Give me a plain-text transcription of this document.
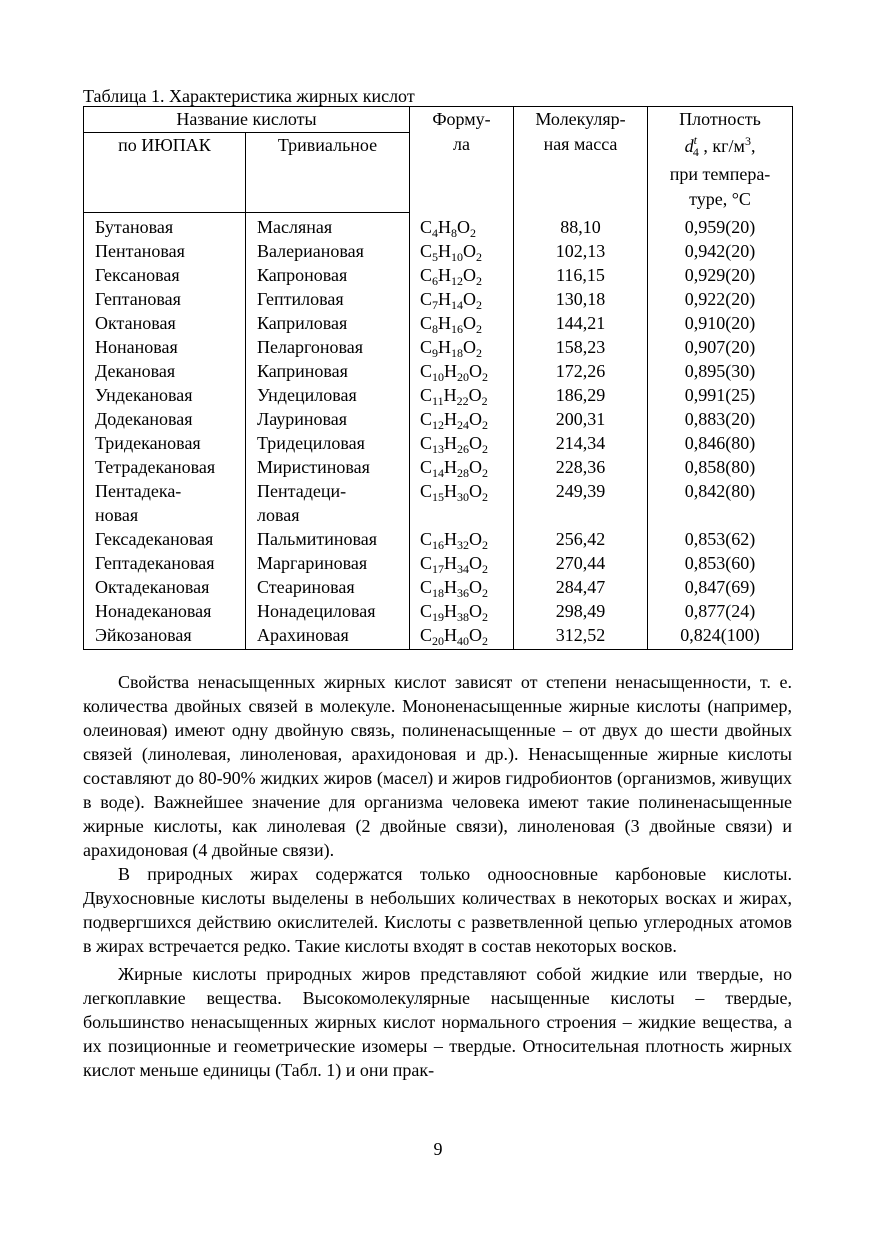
Таблица 1. Характеристика жирных кислот
Название кислоты		Форму-
ла	Молекуляр-
ная масса	Плотность
$d^t_4$ , $кг/м^3$,
при темпера-
туре, °С

по ИЮПАК	Тривиальное			

Бутановая	Масляная	$C_4H_8O_2$	88,10	0,959(20)

Пентановая	Валериановая	$C_5H_{10}O_2$	102,13	0,942(20)

Гексановая	Капроновая	$C_6H_{12}O_2$	116,15	0,929(20)

Гептановая	Гептиловая	$C_7H_{14}O_2$	130,18	0,922(20)

Октановая	Каприловая	$C_8H_{16}O_2$	144,21	0,910(20)

Нонановая	Пеларгоновая	$C_9H_{18}O_2$	158,23	0,907(20)

Декановая	Каприновая	$C_{10}H_{20}O_2$	172,26	0,895(30)

Ундекановая	Ундециловая	$C_{11}H_{22}O_2$	186,29	0,991(25)

Додекановая	Лауриновая	$C_{12}H_{24}O_2$	200,31	0,883(20)

Тридекановая	Тридециловая	$C_{13}H_{26}O_2$	214,34	0,846(80)

Тетрадекановая	Миристиновая	$C_{14}H_{28}O_2$	228,36	0,858(80)

Пентадека-
новая	Пентадеци-
ловая	$C_{15}H_{30}O_2$	249,39	0,842(80)

Гексадекановая	Пальмитиновая	$C_{16}H_{32}O_2$	256,42	0,853(62)

Гептадекановая	Маргариновая	$C_{17}H_{34}O_2$	270,44	0,853(60)

Октадекановая	Стеариновая	$C_{18}H_{36}O_2$	284,47	0,847(69)

Нонадекановая	Нонадециловая	$C_{19}H_{38}O_2$	298,49	0,877(24)

Эйкозановая	Арахиновая	$C_{20}H_{40}O_2$	312,52	0,824(100)

Свойства ненасыщенных жирных кислот зависят от степени ненасыщенности, т. е. количества двойных связей в молекуле. Мононенасыщенные жирные кислоты (например, олеиновая) имеют одну двойную связь, полиненасыщенные – от двух до шести двойных связей (линолевая, линоленовая, арахидоновая и др.). Ненасыщенные жирные кислоты составляют до 80-90% жидких жиров (масел) и жиров гидробионтов (организмов, живущих в воде). Важнейшее значение для организма человека имеют такие полиненасыщенные жирные кислоты, как линолевая (2 двойные связи), линоленовая (3 двойные связи) и арахидоновая (4 двойные связи).

В природных жирах содержатся только одноосновные карбоновые кислоты. Двухосновные кислоты выделены в небольших количествах в некоторых восках и жирах, подвергшихся действию окислителей. Кислоты с разветвленной цепью углеродных атомов в жирах встречается редко. Такие кислоты входят в состав некоторых восков.

Жирные кислоты природных жиров представляют собой жидкие или твердые, но легкоплавкие вещества. Высокомолекулярные насыщенные кислоты – твердые, большинство ненасыщенных жирных кислот нормального строения – жидкие вещества, а их позиционные и геометрические изомеры – твердые. Относительная плотность жирных кислот меньше единицы (Табл. 1) и они прак-

9
